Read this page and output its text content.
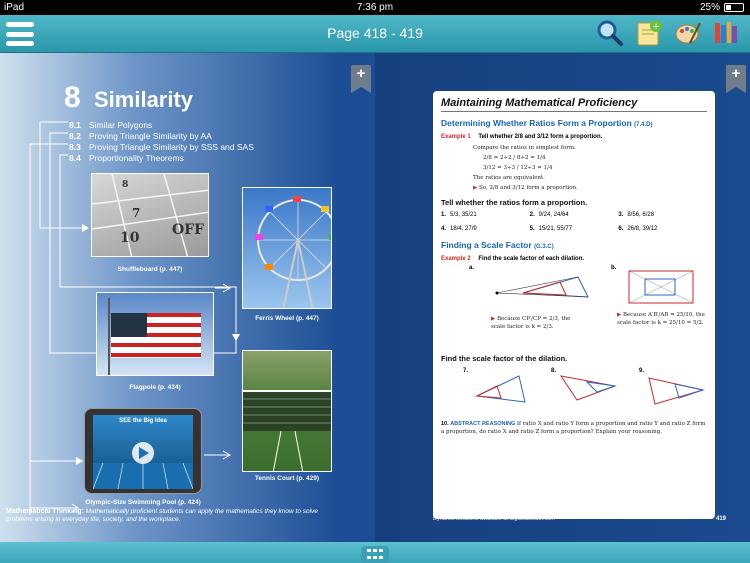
iPad	7:36 pm	25%
Page 418 - 419	+
+	+
8 Similarity
8.1 Similar Polygons
8.2 Proving Triangle Similarity by AA
8.3 Proving Triangle Similarity by SSS and SAS
8.4 Proportionality Theorems
8
7
10 OFF
Shuffleboard (p. 447)
Ferris Wheel (p. 447)
Flagpole (p. 434)
Tennis Court (p. 429)
SEE the Big Idea
Olympic-Size Swimming Pool (p. 424)
Mathematical Thinking: Mathematically proficient students can apply the mathematics they know to solve problems arising in everyday life, society, and the workplace.
Maintaining Mathematical Proficiency
Determining Whether Ratios Form a Proportion (7.4.D)
Example 1 Tell whether 2/8 and 3/12 form a proportion.
Compare the ratios in simplest form.
2/8 = 2÷2 / 8÷2 = 1/4
3/12 = 3÷3 / 12÷3 = 1/4
The ratios are equivalent.
▶ So, 2/8 and 3/12 form a proportion.
Tell whether the ratios form a proportion.
1. 5/3, 35/21	2. 9/24, 24/64	3. 8/56, 6/28
4. 18/4, 27/9	5. 15/21, 55/77	6. 26/8, 39/12
Finding a Scale Factor (G.3.C)
Example 2 Find the scale factor of each dilation.
a.
▶ Because CP′/CP = 2/3, the scale factor is k = 2/3.
b.
▶ Because A′B′/AB = 25/10, the scale factor is k = 25/10 = 5/2.
Find the scale factor of the dilation.
7.	8.	9.
10. ABSTRACT REASONING If ratio X and ratio Y form a proportion and ratio Y and ratio Z form a proportion, do ratio X and ratio Z form a proportion? Explain your reasoning.
Dynamic Solutions available at BigIdeasMath.com	419
